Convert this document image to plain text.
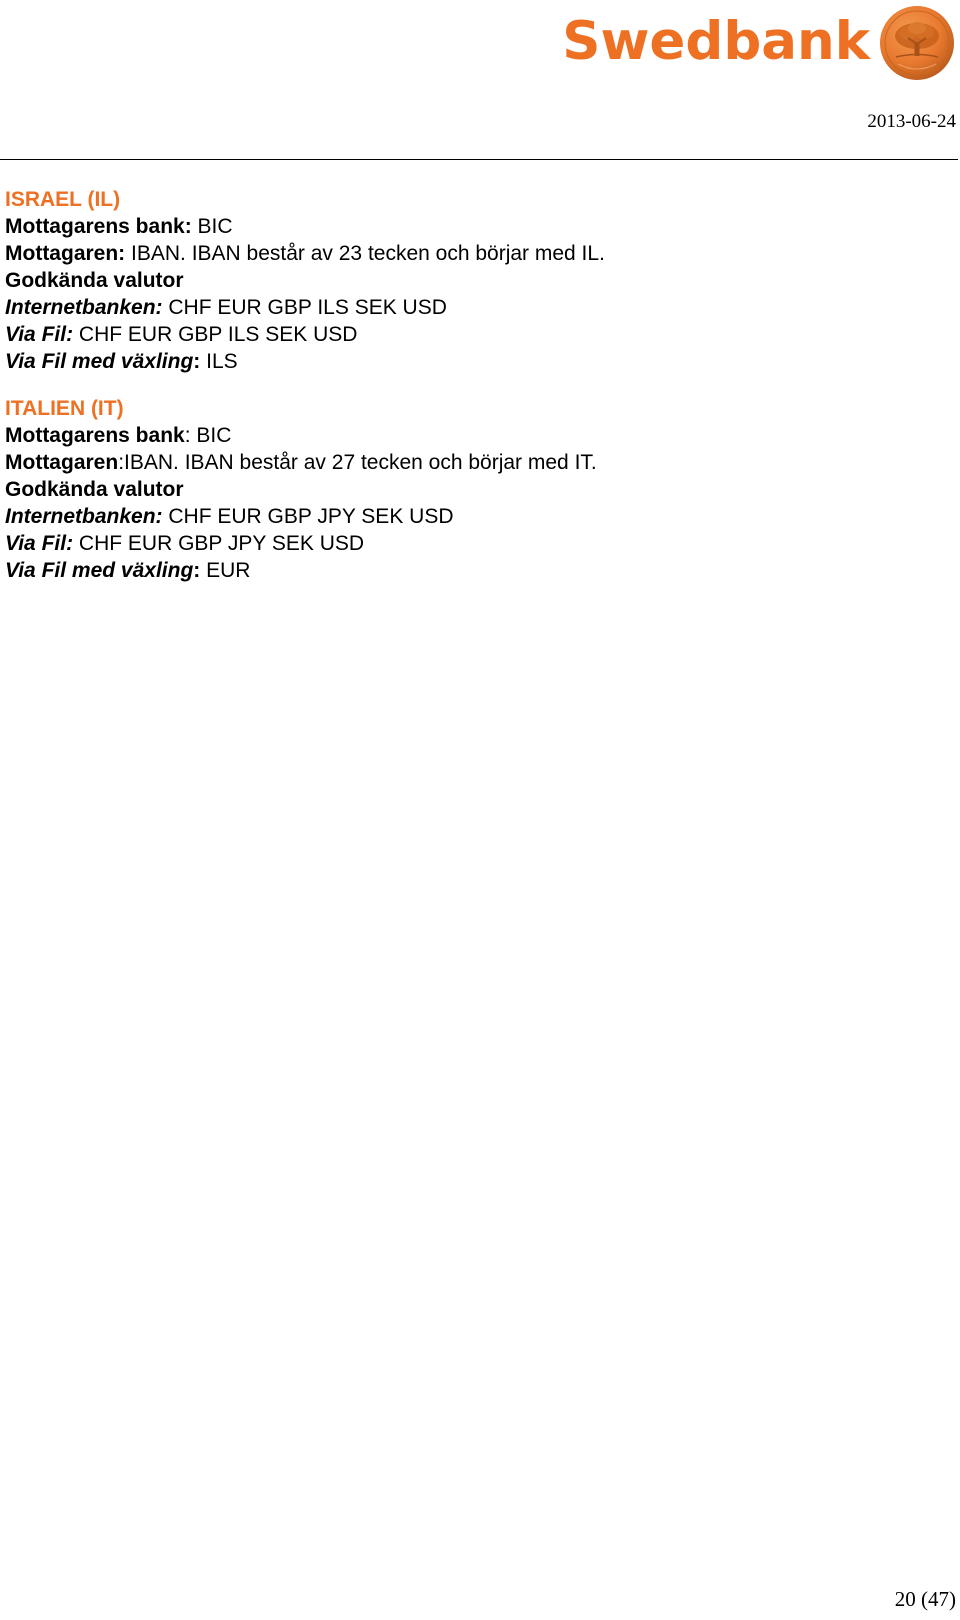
Swedbank
2013-06-24
ISRAEL (IL)
Mottagarens bank: BIC
Mottagaren: IBAN. IBAN består av 23 tecken och börjar med IL.
Godkända valutor
Internetbanken: CHF EUR GBP ILS SEK USD
Via Fil: CHF EUR GBP ILS SEK USD
Via Fil med växling: ILS
ITALIEN (IT)
Mottagarens bank: BIC
Mottagaren:IBAN. IBAN består av 27 tecken och börjar med IT.
Godkända valutor
Internetbanken: CHF EUR GBP JPY SEK USD
Via Fil: CHF EUR GBP JPY SEK USD
Via Fil med växling: EUR
20 (47)
